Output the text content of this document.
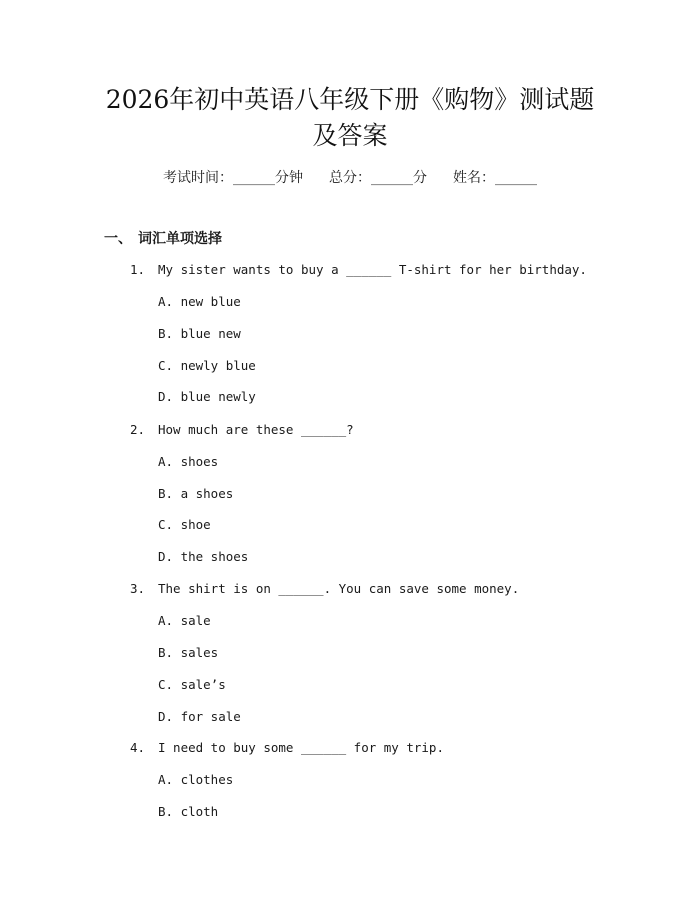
2026年初中英语八年级下册《购物》测试题
及答案
考试时间：______分钟 总分：______分 姓名：______
一、 词汇单项选择
1. My sister wants to buy a ______ T-shirt for her birthday.
A. new blue
B. blue new
C. newly blue
D. blue newly
2. How much are these ______?
A. shoes
B. a shoes
C. shoe
D. the shoes
3. The shirt is on ______. You can save some money.
A. sale
B. sales
C. sale’s
D. for sale
4. I need to buy some ______ for my trip.
A. clothes
B. cloth
